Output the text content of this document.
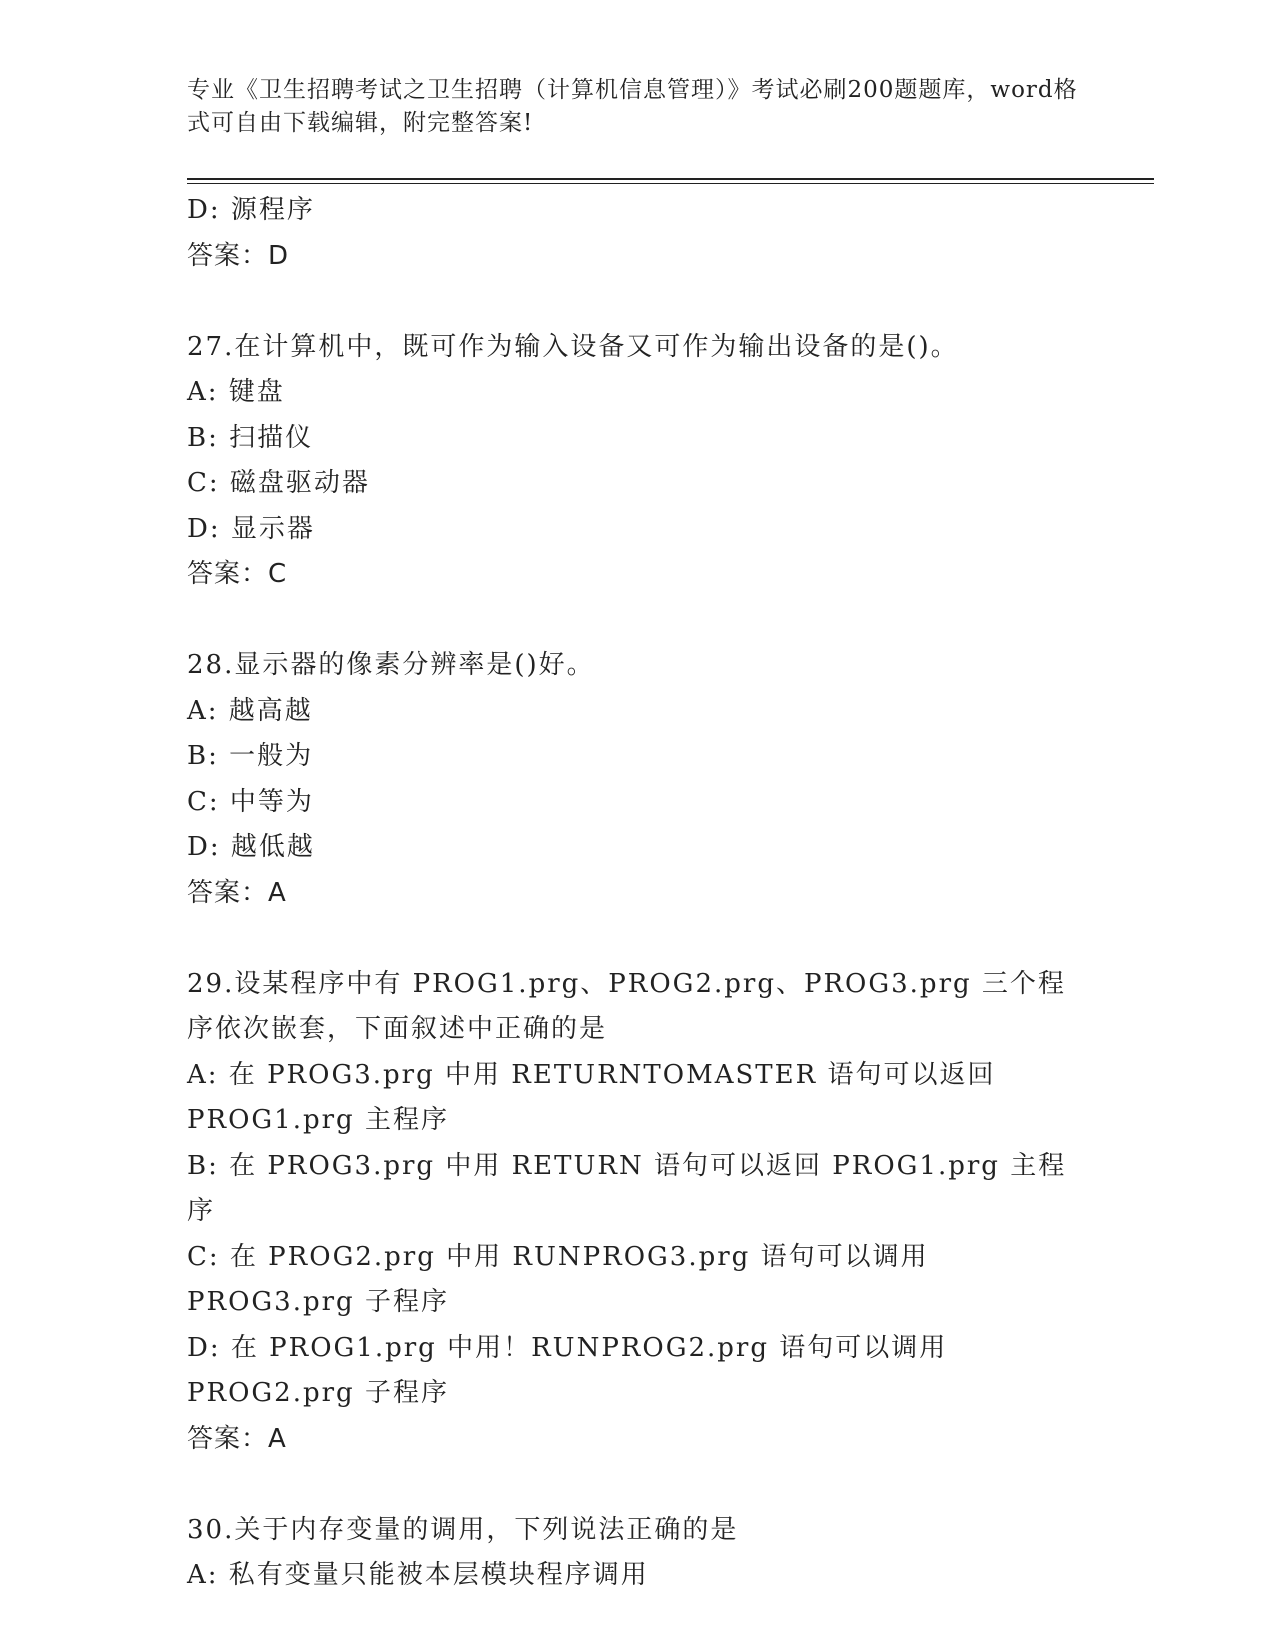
专业《卫生招聘考试之卫生招聘（计算机信息管理）》考试必刷200题题库，word格式可自由下载编辑，附完整答案!
D: 源程序
答案：D
27.在计算机中，既可作为输入设备又可作为输出设备的是()。
A: 键盘
B: 扫描仪
C: 磁盘驱动器
D: 显示器
答案：C
28.显示器的像素分辨率是()好。
A: 越高越
B: 一般为
C: 中等为
D: 越低越
答案：A
29.设某程序中有 PROG1.prg、PROG2.prg、PROG3.prg 三个程序依次嵌套，下面叙述中正确的是
A: 在 PROG3.prg 中用 RETURNTOMASTER 语句可以返回 PROG1.prg 主程序
B: 在 PROG3.prg 中用 RETURN 语句可以返回 PROG1.prg 主程序
C: 在 PROG2.prg 中用 RUNPROG3.prg 语句可以调用 PROG3.prg 子程序
D: 在 PROG1.prg 中用！RUNPROG2.prg 语句可以调用 PROG2.prg 子程序
答案：A
30.关于内存变量的调用，下列说法正确的是
A: 私有变量只能被本层模块程序调用
